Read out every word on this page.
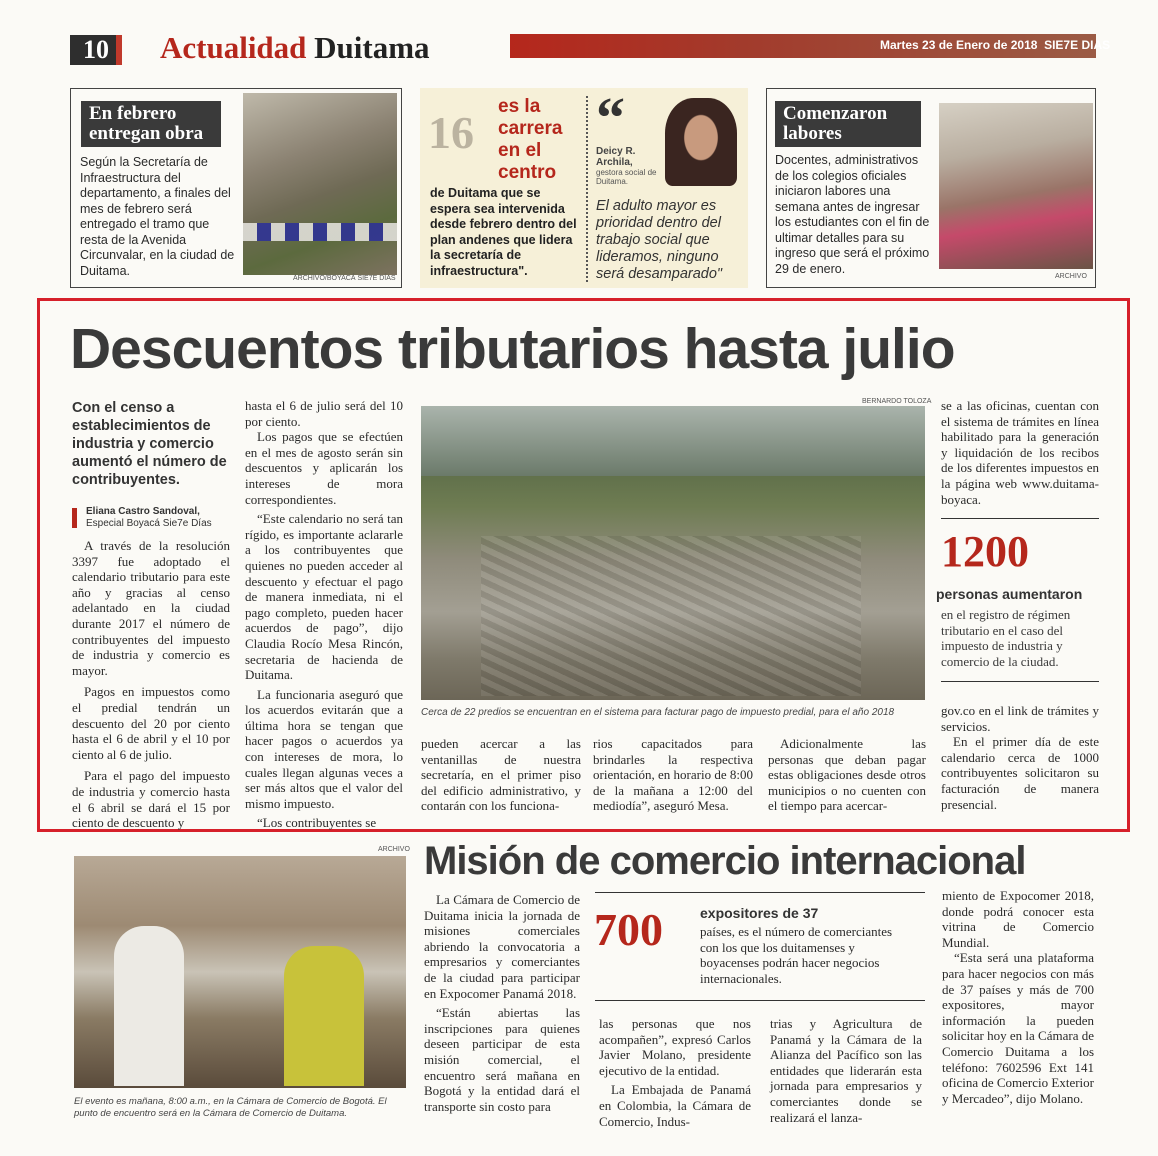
10	Actualidad Duitama	Martes 23 de Enero de 2018 SIE7E DIAS
En febrero entregan obra
Según la Secretaría de Infraestructura del departamento, a finales del mes de febrero será entregado el tramo que resta de la Avenida Circunvalar, en la ciudad de Duitama.
ARCHIVO/BOYACÁ SIE7E DÍAS
16
es la carrera en el centro
de Duitama que se espera sea intervenida desde febrero dentro del plan andenes que lidera la secretaría de infraestructura".
“
Deicy R. Archila,
gestora social de Duitama.
El adulto mayor es prioridad dentro del trabajo social que lideramos, ninguno será desamparado"
Comenzaron labores
Docentes, administrativos de los colegios oficiales iniciaron labores una semana antes de ingresar los estudiantes con el fin de ultimar detalles para su ingreso que será el próximo 29 de enero.
ARCHIVO
Descuentos tributarios hasta julio
Con el censo a establecimientos de industria y comercio aumentó el número de contribuyentes.
Eliana Castro Sandoval,
Especial Boyacá Sie7e Días

A través de la resolución 3397 fue adoptado el calendario tributario para este año y gracias al censo adelantado en la ciudad durante 2017 el número de contribuyentes del impuesto de industria y comercio es mayor.

Pagos en impuestos como el predial tendrán un descuento del 20 por ciento hasta el 6 de abril y el 10 por ciento al 6 de julio.

Para el pago del impuesto de industria y comercio hasta el 6 abril se dará el 15 por ciento de descuento y

hasta el 6 de julio será del 10 por ciento.

Los pagos que se efectúen en el mes de agosto serán sin descuentos y aplicarán los intereses de mora correspondientes.

“Este calendario no será tan rígido, es importante aclararle a los contribuyentes que quienes no pueden acceder al descuento y efectuar el pago de manera inmediata, ni el pago completo, pueden hacer acuerdos de pago”, dijo Claudia Rocío Mesa Rincón, secretaria de hacienda de Duitama.

La funcionaria aseguró que los acuerdos evitarán que a última hora se tengan que hacer pagos o acuerdos ya con intereses de mora, lo cuales llegan algunas veces a ser más altos que el valor del mismo impuesto.

“Los contribuyentes se

BERNARDO TOLOZA
Cerca de 22 predios se encuentran en el sistema para facturar pago de impuesto predial, para el año 2018
pueden acercar a las ventanillas de nuestra secretaría, en el primer piso del edificio administrativo, y contarán con los funciona-
rios capacitados para brindarles la respectiva orientación, en horario de 8:00 de la mañana a 12:00 del mediodía”, aseguró Mesa.
Adicionalmente las personas que deban pagar estas obligaciones desde otros municipios o no cuenten con el tiempo para acercar-
se a las oficinas, cuentan con el sistema de trámites en línea habilitado para la generación y liquidación de los recibos de los diferentes impuestos en la página web www.duitama-boyaca.
1200
personas aumentaron
en el registro de régimen tributario en el caso del impuesto de industria y comercio de la ciudad.

gov.co en el link de trámites y servicios.

En el primer día de este calendario cerca de 1000 contribuyentes solicitaron su facturación de manera presencial.

ARCHIVO
El evento es mañana, 8:00 a.m., en la Cámara de Comercio de Bogotá. El punto de encuentro será en la Cámara de Comercio de Duitama.
Misión de comercio internacional

La Cámara de Comercio de Duitama inicia la jornada de misiones comerciales abriendo la convocatoria a empresarios y comerciantes de la ciudad para participar en Expocomer Panamá 2018.

“Están abiertas las inscripciones para quienes deseen participar de esta misión comercial, el encuentro será mañana en Bogotá y la entidad dará el transporte sin costo para

700	expositores de 37
países, es el número de comerciantes con los que los duitamenses y boyacenses podrán hacer negocios internacionales.

las personas que nos acompañen”, expresó Carlos Javier Molano, presidente ejecutivo de la entidad.

La Embajada de Panamá en Colombia, la Cámara de Comercio, Indus-

trias y Agricultura de Panamá y la Cámara de la Alianza del Pacífico son las entidades que liderarán esta jornada para empresarios y comerciantes donde se realizará el lanza-

miento de Expocomer 2018, donde podrá conocer esta vitrina de Comercio Mundial.

“Esta será una plataforma para hacer negocios con más de 37 países y más de 700 expositores, mayor información la pueden solicitar hoy en la Cámara de Comercio Duitama a los teléfono: 7602596 Ext 141 oficina de Comercio Exterior y Mercadeo”, dijo Molano.
